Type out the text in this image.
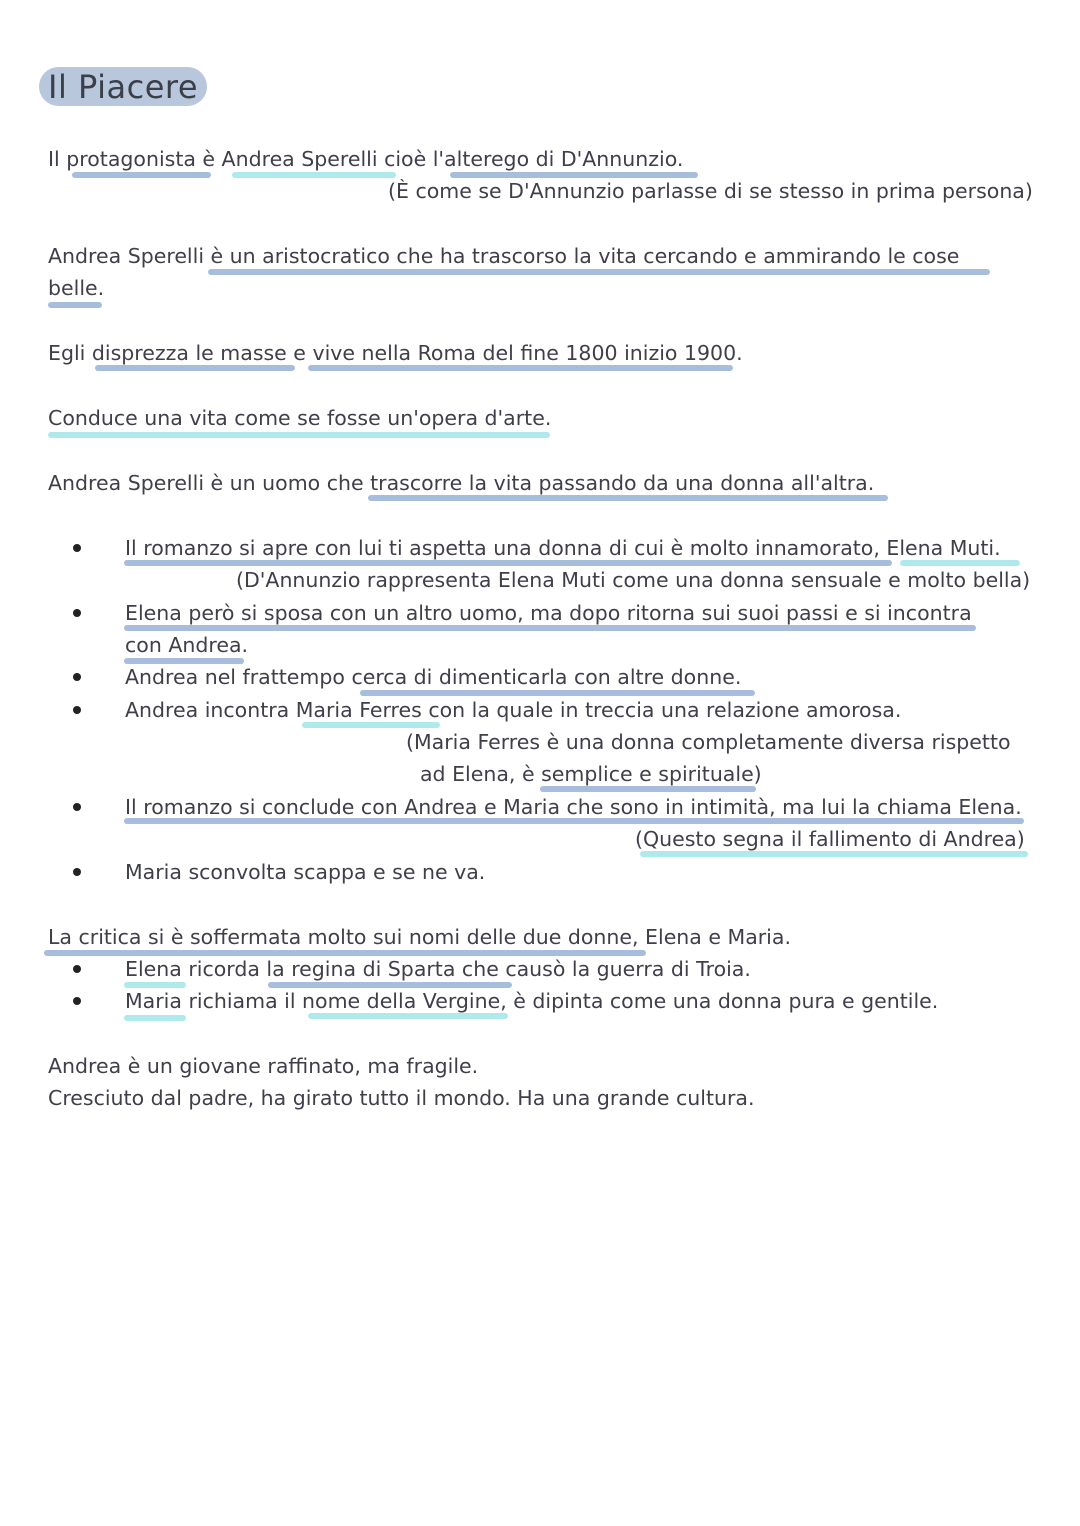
Il Piacere
Il protagonista è Andrea Sperelli cioè l'alterego di D'Annunzio.
(È come se D'Annunzio parlasse di se stesso in prima persona)
Andrea Sperelli è un aristocratico che ha trascorso la vita cercando e ammirando le cose
belle.
Egli disprezza le masse e vive nella Roma del fine 1800 inizio 1900.
Conduce una vita come se fosse un'opera d'arte.
Andrea Sperelli è un uomo che trascorre la vita passando da una donna all'altra.
Il romanzo si apre con lui ti aspetta una donna di cui è molto innamorato, Elena Muti.
(D'Annunzio rappresenta Elena Muti come una donna sensuale e molto bella)
Elena però si sposa con un altro uomo, ma dopo ritorna sui suoi passi e si incontra
con Andrea.
Andrea nel frattempo cerca di dimenticarla con altre donne.
Andrea incontra Maria Ferres con la quale in treccia una relazione amorosa.
(Maria Ferres è una donna completamente diversa rispetto
ad Elena, è semplice e spirituale)
Il romanzo si conclude con Andrea e Maria che sono in intimità, ma lui la chiama Elena.
(Questo segna il fallimento di Andrea)
Maria sconvolta scappa e se ne va.
La critica si è soffermata molto sui nomi delle due donne, Elena e Maria.
Elena ricorda la regina di Sparta che causò la guerra di Troia.
Maria richiama il nome della Vergine, è dipinta come una donna pura e gentile.
Andrea è un giovane raffinato, ma fragile.
Cresciuto dal padre, ha girato tutto il mondo. Ha una grande cultura.
